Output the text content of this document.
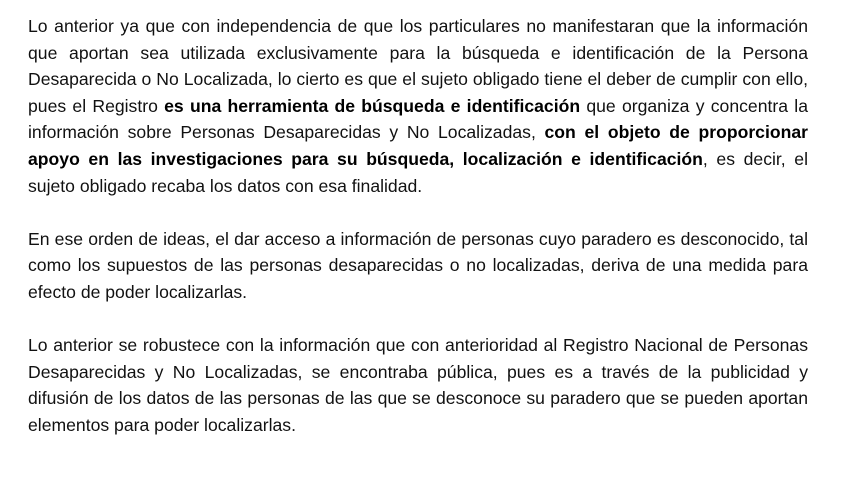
Lo anterior ya que con independencia de que los particulares no manifestaran que la información que aportan sea utilizada exclusivamente para la búsqueda e identificación de la Persona Desaparecida o No Localizada, lo cierto es que el sujeto obligado tiene el deber de cumplir con ello, pues el Registro es una herramienta de búsqueda e identificación que organiza y concentra la información sobre Personas Desaparecidas y No Localizadas, con el objeto de proporcionar apoyo en las investigaciones para su búsqueda, localización e identificación, es decir, el sujeto obligado recaba los datos con esa finalidad.

En ese orden de ideas, el dar acceso a información de personas cuyo paradero es desconocido, tal como los supuestos de las personas desaparecidas o no localizadas, deriva de una medida para efecto de poder localizarlas.

Lo anterior se robustece con la información que con anterioridad al Registro Nacional de Personas Desaparecidas y No Localizadas, se encontraba pública, pues es a través de la publicidad y difusión de los datos de las personas de las que se desconoce su paradero que se pueden aportan elementos para poder localizarlas.
